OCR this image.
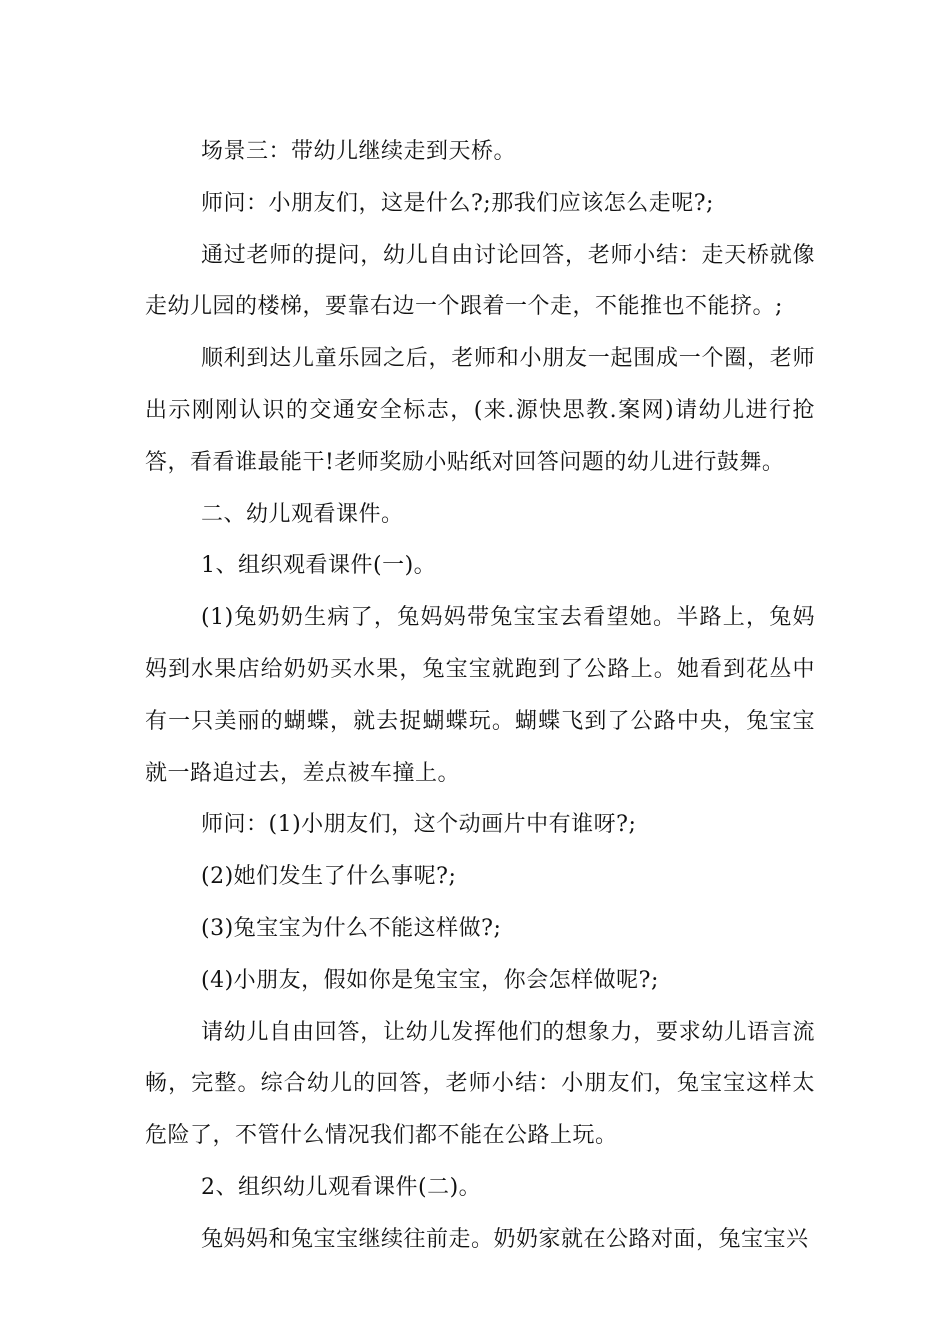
场景三：带幼儿继续走到天桥。

师问：小朋友们，这是什么?;那我们应该怎么走呢?;

通过老师的提问，幼儿自由讨论回答，老师小结：走天桥就像走幼儿园的楼梯，要靠右边一个跟着一个走，不能推也不能挤。;

顺利到达儿童乐园之后，老师和小朋友一起围成一个圈，老师出示刚刚认识的交通安全标志，(来.源快思教.案网)请幼儿进行抢答，看看谁最能干!老师奖励小贴纸对回答问题的幼儿进行鼓舞。

二、幼儿观看课件。

1、组织观看课件(一)。

(1)兔奶奶生病了，兔妈妈带兔宝宝去看望她。半路上，兔妈妈到水果店给奶奶买水果，兔宝宝就跑到了公路上。她看到花丛中有一只美丽的蝴蝶，就去捉蝴蝶玩。蝴蝶飞到了公路中央，兔宝宝就一路追过去，差点被车撞上。

师问：(1)小朋友们，这个动画片中有谁呀?;

(2)她们发生了什么事呢?;

(3)兔宝宝为什么不能这样做?;

(4)小朋友，假如你是兔宝宝，你会怎样做呢?;

请幼儿自由回答，让幼儿发挥他们的想象力，要求幼儿语言流畅，完整。综合幼儿的回答，老师小结：小朋友们，兔宝宝这样太危险了，不管什么情况我们都不能在公路上玩。

2、组织幼儿观看课件(二)。

兔妈妈和兔宝宝继续往前走。奶奶家就在公路对面，兔宝宝兴
